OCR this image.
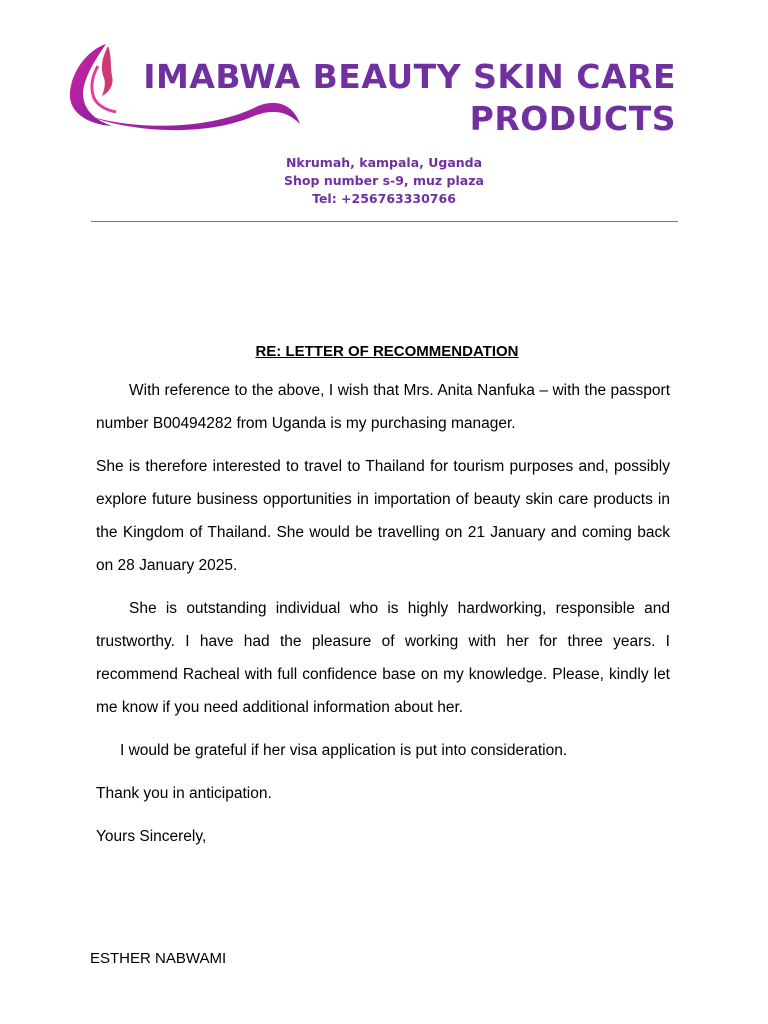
IMABWA BEAUTY SKIN CARE PRODUCTS
Nkrumah, kampala, Uganda
Shop number s-9, muz plaza
Tel: +256763330766
RE: LETTER OF RECOMMENDATION

With reference to the above, I wish that Mrs. Anita Nanfuka – with the passport number B00494282 from Uganda is my purchasing manager.

She is therefore interested to travel to Thailand for tourism purposes and, possibly explore future business opportunities in importation of beauty skin care products in the Kingdom of Thailand. She would be travelling on 21 January and coming back on 28 January 2025.

She is outstanding individual who is highly hardworking, responsible and trustworthy. I have had the pleasure of working with her for three years. I recommend Racheal with full confidence base on my knowledge. Please, kindly let me know if you need additional information about her.

I would be grateful if her visa application is put into consideration.

Thank you in anticipation.

Yours Sincerely,

ESTHER NABWAMI
